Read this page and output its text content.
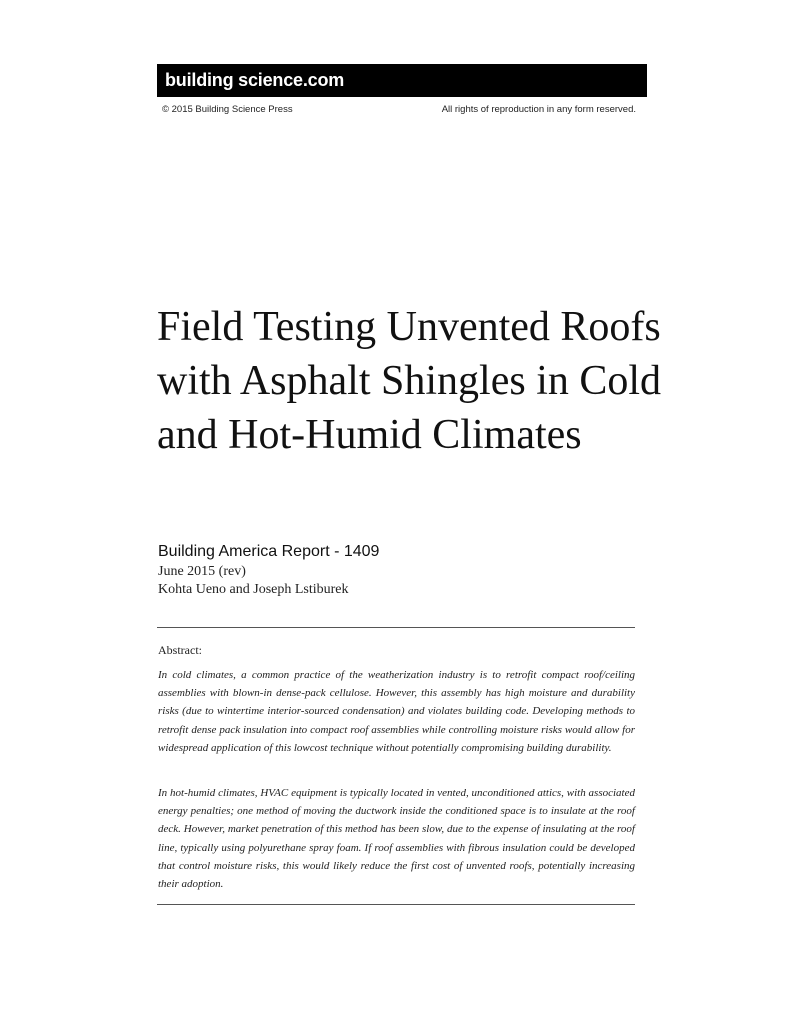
building science.com
© 2015 Building Science Press	All rights of reproduction in any form reserved.
Field Testing Unvented Roofs with Asphalt Shingles in Cold and Hot-Humid Climates
Building America Report - 1409
June 2015 (rev)
Kohta Ueno and Joseph Lstiburek
Abstract:

In cold climates, a common practice of the weatherization industry is to retrofit compact roof/ceiling assemblies with blown-in dense-pack cellulose. However, this assembly has high moisture and durability risks (due to wintertime interior-sourced condensation) and violates building code. Developing methods to retrofit dense pack insulation into compact roof assemblies while controlling moisture risks would allow for widespread application of this lowcost technique without potentially compromising building durability.

In hot-humid climates, HVAC equipment is typically located in vented, unconditioned attics, with associated energy penalties; one method of moving the ductwork inside the conditioned space is to insulate at the roof deck. However, market penetration of this method has been slow, due to the expense of insulating at the roof line, typically using polyurethane spray foam. If roof assemblies with fibrous insulation could be developed that control moisture risks, this would likely reduce the first cost of unvented roofs, potentially increasing their adoption.
